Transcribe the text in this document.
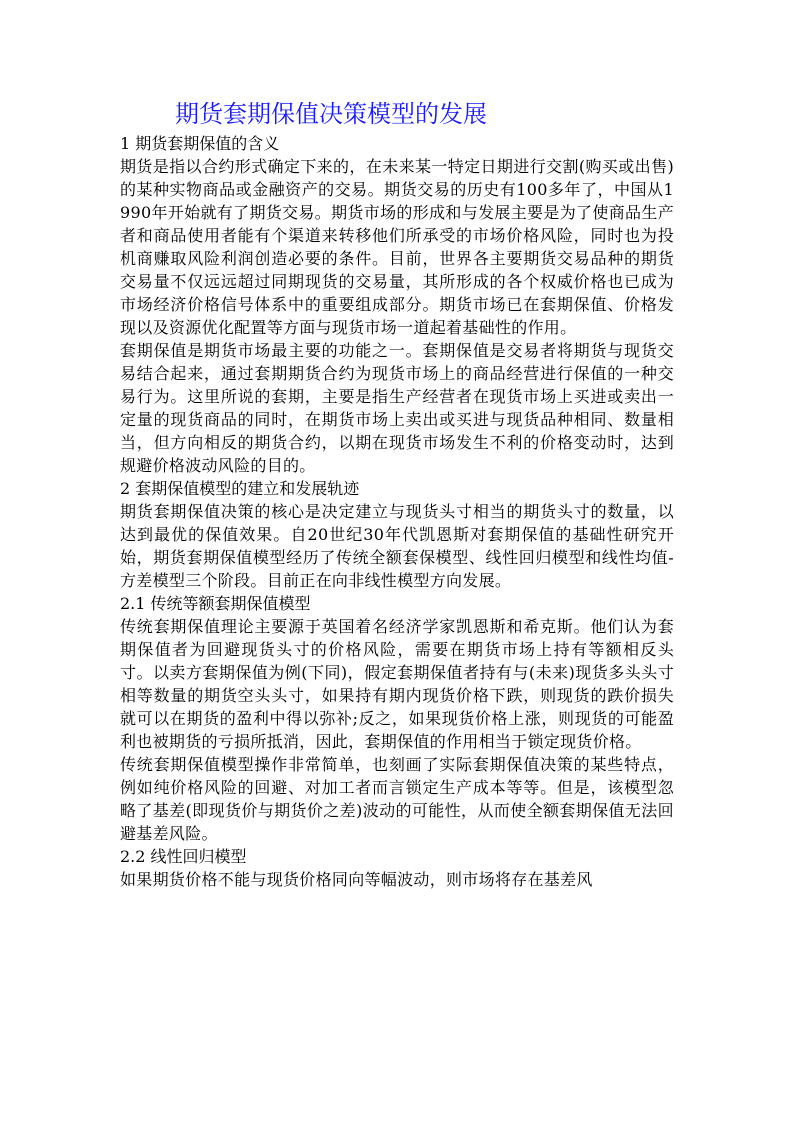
期货套期保值决策模型的发展

1 期货套期保值的含义

期货是指以合约形式确定下来的，在未来某一特定日期进行交割(购买或出售)的某种实物商品或金融资产的交易。期货交易的历史有100多年了，中国从1990年开始就有了期货交易。期货市场的形成和与发展主要是为了使商品生产者和商品使用者能有个渠道来转移他们所承受的市场价格风险，同时也为投机商赚取风险利润创造必要的条件。目前，世界各主要期货交易品种的期货交易量不仅远远超过同期现货的交易量，其所形成的各个权威价格也已成为市场经济价格信号体系中的重要组成部分。期货市场已在套期保值、价格发现以及资源优化配置等方面与现货市场一道起着基础性的作用。

套期保值是期货市场最主要的功能之一。套期保值是交易者将期货与现货交易结合起来，通过套期期货合约为现货市场上的商品经营进行保值的一种交易行为。这里所说的套期，主要是指生产经营者在现货市场上买进或卖出一定量的现货商品的同时，在期货市场上卖出或买进与现货品种相同、数量相当，但方向相反的期货合约，以期在现货市场发生不利的价格变动时，达到规避价格波动风险的目的。

2 套期保值模型的建立和发展轨迹

期货套期保值决策的核心是决定建立与现货头寸相当的期货头寸的数量，以达到最优的保值效果。自20世纪30年代凯恩斯对套期保值的基础性研究开始，期货套期保值模型经历了传统全额套保模型、线性回归模型和线性均值-方差模型三个阶段。目前正在向非线性模型方向发展。

2.1 传统等额套期保值模型

传统套期保值理论主要源于英国着名经济学家凯恩斯和希克斯。他们认为套期保值者为回避现货头寸的价格风险，需要在期货市场上持有等额相反头寸。以卖方套期保值为例(下同)，假定套期保值者持有与(未来)现货多头头寸相等数量的期货空头头寸，如果持有期内现货价格下跌，则现货的跌价损失就可以在期货的盈利中得以弥补;反之，如果现货价格上涨，则现货的可能盈利也被期货的亏损所抵消，因此，套期保值的作用相当于锁定现货价格。

传统套期保值模型操作非常简单，也刻画了实际套期保值决策的某些特点，例如纯价格风险的回避、对加工者而言锁定生产成本等等。但是，该模型忽略了基差(即现货价与期货价之差)波动的可能性，从而使全额套期保值无法回避基差风险。

2.2 线性回归模型

如果期货价格不能与现货价格同向等幅波动，则市场将存在基差风
